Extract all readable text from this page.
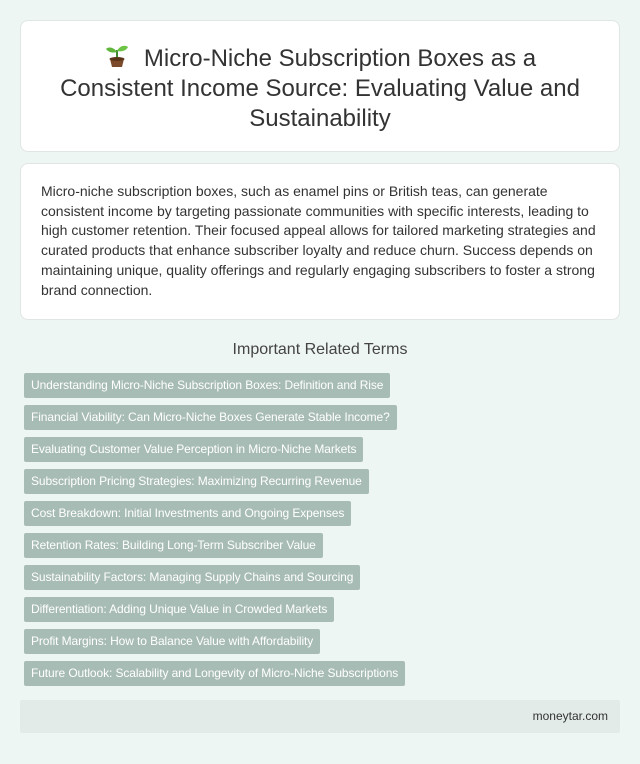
Micro-Niche Subscription Boxes as a Consistent Income Source: Evaluating Value and Sustainability

Micro-niche subscription boxes, such as enamel pins or British teas, can generate consistent income by targeting passionate communities with specific interests, leading to high customer retention. Their focused appeal allows for tailored marketing strategies and curated products that enhance subscriber loyalty and reduce churn. Success depends on maintaining unique, quality offerings and regularly engaging subscribers to foster a strong brand connection.

Important Related Terms
Understanding Micro-Niche Subscription Boxes: Definition and Rise
Financial Viability: Can Micro-Niche Boxes Generate Stable Income?
Evaluating Customer Value Perception in Micro-Niche Markets
Subscription Pricing Strategies: Maximizing Recurring Revenue
Cost Breakdown: Initial Investments and Ongoing Expenses
Retention Rates: Building Long-Term Subscriber Value
Sustainability Factors: Managing Supply Chains and Sourcing
Differentiation: Adding Unique Value in Crowded Markets
Profit Margins: How to Balance Value with Affordability
Future Outlook: Scalability and Longevity of Micro-Niche Subscriptions
moneytar.com
